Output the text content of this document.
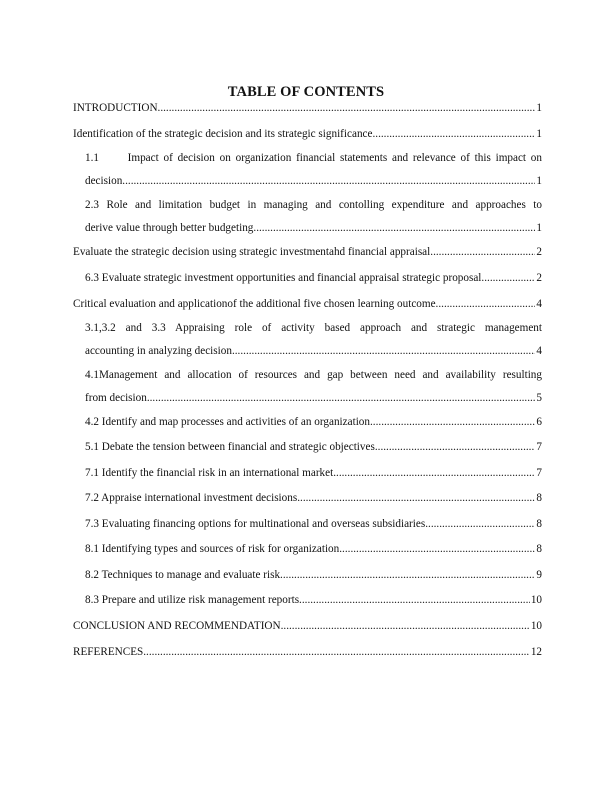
TABLE OF CONTENTS
INTRODUCTION .....	1
Identification of the strategic decision and its strategic significance .....	1
1.1      Impact of decision on organization financial statements and relevance of this impact on
decision .....	1
2.3 Role and limitation budget in managing and contolling expenditure and approaches to
derive value through better budgeting .....	1
Evaluate the strategic decision using strategic investmentahd financial appraisal .....	2
6.3 Evaluate strategic investment opportunities and financial appraisal strategic proposal .....	2
Critical evaluation and applicationof the additional five chosen learning outcome .....	4
3.1,3.2 and 3.3 Appraising role of activity based approach and strategic management
accounting in analyzing decision .....	4
4.1Management and allocation of resources and gap between need and availability resulting
from decision .....	5
4.2 Identify and map processes and activities of an organization .....	6
5.1 Debate the tension between financial and strategic objectives .....	7
7.1 Identify the financial risk in an international market .....	7
7.2 Appraise international investment decisions .....	8
7.3 Evaluating financing options for multinational and overseas subsidiaries .....	8
8.1 Identifying types and sources of risk for organization .....	8
8.2 Techniques to manage and evaluate risk .....	9
8.3 Prepare and utilize risk management reports .....	10
CONCLUSION AND RECOMMENDATION .....	10
REFERENCES .....	12
